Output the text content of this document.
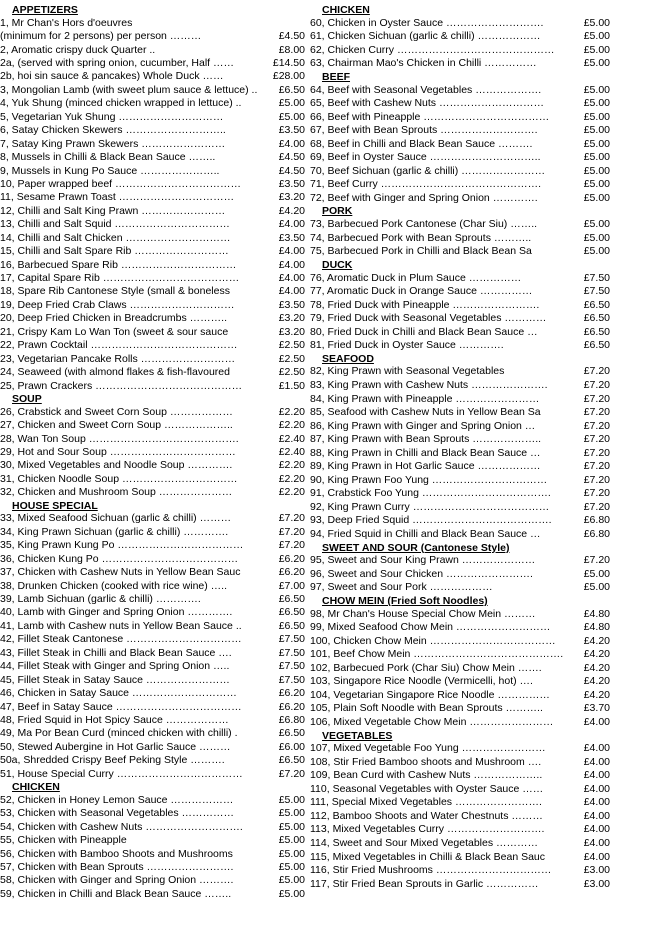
APPETIZERS
1, Mr Chan's Hors d'oeuvres
(minimum for 2 persons) per person ………	£4.50
2, Aromatic crispy duck Quarter ..	£8.00
2a, (served with spring onion, cucumber, Half ……	£14.50
2b, hoi sin sauce & pancakes) Whole Duck ……	£28.00
3, Mongolian Lamb (with sweet plum sauce & lettuce) ..	£6.50
4, Yuk Shung (minced chicken wrapped in lettuce) ..	£5.00
5, Vegetarian Yuk Shung …………………………	£5.00
6, Satay Chicken Skewers ………………………..	£3.50
7, Satay King Prawn Skewers ……………………	£4.00
8, Mussels in Chilli & Black Bean Sauce ……..	£4.50
9, Mussels in Kung Po Sauce …………………..	£4.50
10, Paper wrapped beef ………………………………	£3.50
11, Sesame Prawn Toast ……………………………	£3.20
12, Chilli and Salt King Prawn ……………………	£4.20
13, Chilli and Salt Squid ……………………………	£4.00
14, Chilli and Salt Chicken …………………………	£3.50
15, Chilli and Salt Spare Rib ………………………	£4.00
16, Barbecued Spare Rib ……………………………	£4.00
17, Capital Spare Rib …………………………………	£4.00
18, Spare Rib Cantonese Style (small & boneless	£4.00
19, Deep Fried Crab Claws …………………………	£3.50
20, Deep Fried Chicken in Breadcrumbs ………..	£3.20
21, Crispy Kam Lo Wan Ton (sweet & sour sauce	£3.20
22, Prawn Cocktail ……………………………………	£2.50
23, Vegetarian Pancake Rolls ………………………	£2.50
24, Seaweed (with almond flakes & fish-flavoured	£2.50
25, Prawn Crackers ……………………………………	£1.50
SOUP
26, Crabstick and Sweet Corn Soup ………………	£2.20
27, Chicken and Sweet Corn Soup ………………..	£2.20
28, Wan Ton Soup …………………………………….	£2.40
29, Hot and Sour Soup ………………………………	£2.40
30, Mixed Vegetables and Noodle Soup ………….	£2.20
31, Chicken Noodle Soup ……………………………	£2.20
32, Chicken and Mushroom Soup …………………	£2.20
HOUSE SPECIAL
33, Mixed Seafood Sichuan (garlic & chilli) ………	£7.20
34, King Prawn Sichuan (garlic & chilli) ………….	£7.20
35, King Prawn Kung Po ………………………………	£7.20
36, Chicken Kung Po …………………………………	£6.20
37, Chicken with Cashew Nuts in Yellow Bean Sauc	£6.20
38, Drunken Chicken (cooked with rice wine) …..	£7.00
39, Lamb Sichuan (garlic & chilli) ………….	£6.50
40, Lamb with Ginger and Spring Onion ………….	£6.50
41, Lamb with Cashew nuts in Yellow Bean Sauce ..	£6.50
42, Fillet Steak Cantonese ……………………………	£7.50
43, Fillet Steak in Chilli and Black Bean Sauce ….	£7.50
44, Fillet Steak with Ginger and Spring Onion …..	£7.50
45, Fillet Steak in Satay Sauce ……………………	£7.50
46, Chicken in Satay Sauce …………………………	£6.20
47, Beef in Satay Sauce ………………………………	£6.20
48, Fried Squid in Hot Spicy Sauce ………………	£6.80
49, Ma Por Bean Curd (minced chicken with chilli) .	£6.50
50, Stewed Aubergine in Hot Garlic Sauce ………	£6.00
50a, Shredded Crispy Beef Peking Style ……….	£6.50
51, House Special Curry ………………………………	£7.20
CHICKEN
52, Chicken in Honey Lemon Sauce ………………	£5.00
53, Chicken with Seasonal Vegetables ……………	£5.00
54, Chicken with Cashew Nuts ……………………….	£5.00
55, Chicken with Pineapple	£5.00
56, Chicken with Bamboo Shoots and Mushrooms	£5.00
57, Chicken with Bean Sprouts …………………….	£5.00
58, Chicken with Ginger and Spring Onion ……….	£5.00
59, Chicken in Chilli and Black Bean Sauce ……..	£5.00
CHICKEN
60, Chicken in Oyster Sauce ……………………….	£5.00
61, Chicken Sichuan (garlic & chilli) ………………	£5.00
62, Chicken Curry ………………………………………	£5.00
63, Chairman Mao's Chicken in Chilli ……………	£5.00
BEEF
64, Beef with Seasonal Vegetables ……………….	£5.00
65, Beef with Cashew Nuts …………………………	£5.00
66, Beef with Pineapple ………………………………	£5.00
67, Beef with Bean Sprouts ……………………….	£5.00
68, Beef in Chilli and Black Bean Sauce ……….	£5.00
69, Beef in Oyster Sauce …………………………..	£5.00
70, Beef Sichuan (garlic & chilli) ……………………	£5.00
71, Beef Curry ……………………………………….	£5.00
72, Beef with Ginger and Spring Onion ………….	£5.00
PORK
73, Barbecued Pork Cantonese (Char Siu) ……..	£5.00
74, Barbecued Pork with Bean Sprouts ………..	£5.00
75, Barbecued Pork in Chilli and Black Bean Sa	£5.00
DUCK
76, Aromatic Duck in Plum Sauce ……………	£7.50
77, Aromatic Duck in Orange Sauce ……………	£7.50
78, Fried Duck with Pineapple …………………….	£6.50
79, Fried Duck with Seasonal Vegetables …………	£6.50
80, Fried Duck in Chilli and Black Bean Sauce …	£6.50
81, Fried Duck in Oyster Sauce ………….	£6.50
SEAFOOD
82, King Prawn with Seasonal Vegetables	£7.20
83, King Prawn with Cashew Nuts ………………….	£7.20
84, King Prawn with Pineapple ……………………	£7.20
85, Seafood with Cashew Nuts in Yellow Bean Sa	£7.20
86, King Prawn with Ginger and Spring Onion …	£7.20
87, King Prawn with Bean Sprouts ………………..	£7.20
88, King Prawn in Chilli and Black Bean Sauce …	£7.20
89, King Prawn in Hot Garlic Sauce ………………	£7.20
90, King Prawn Foo Yung ……………………………	£7.20
91, Crabstick Foo Yung ……………………………….	£7.20
92, King Prawn Curry …………………………………	£7.20
93, Deep Fried Squid ………………………………….	£6.80
94, Fried Squid in Chilli and Black Bean Sauce …	£6.80
SWEET AND SOUR (Cantonese Style)
95, Sweet and Sour King Prawn …………………	£7.20
96, Sweet and Sour Chicken …………………….	£5.00
97, Sweet and Sour Pork ………………	£5.00
CHOW MEIN (Fried Soft Noodles)
98, Mr Chan's House Special Chow Mein ………	£4.80
99, Mixed Seafood Chow Mein ………………………	£4.80
100, Chicken Chow Mein ………………………………	£4.20
101, Beef Chow Mein …………………………………….	£4.20
102, Barbecued Pork (Char Siu) Chow Mein …….	£4.20
103, Singapore Rice Noodle (Vermicelli, hot) ….	£4.20
104, Vegetarian Singapore Rice Noodle ……………	£4.20
105, Plain Soft Noodle with Bean Sprouts ………..	£3.70
106, Mixed Vegetable Chow Mein ……………………	£4.00
VEGETABLES
107, Mixed Vegetable Foo Yung ……………………	£4.00
108, Stir Fried Bamboo shoots and Mushroom ….	£4.00
109, Bean Curd with Cashew Nuts ………………..	£4.00
110, Seasonal Vegetables with Oyster Sauce ……	£4.00
111, Special Mixed Vegetables …………………….	£4.00
112, Bamboo Shoots and Water Chestnuts ………	£4.00
113, Mixed Vegetables Curry ……………………….	£4.00
114, Sweet and Sour Mixed Vegetables …………	£4.00
115, Mixed Vegetables in Chilli & Black Bean Sauc	£4.00
116, Stir Fried Mushrooms ……………………………	£3.00
117, Stir Fried Bean Sprouts in Garlic ……………	£3.00
